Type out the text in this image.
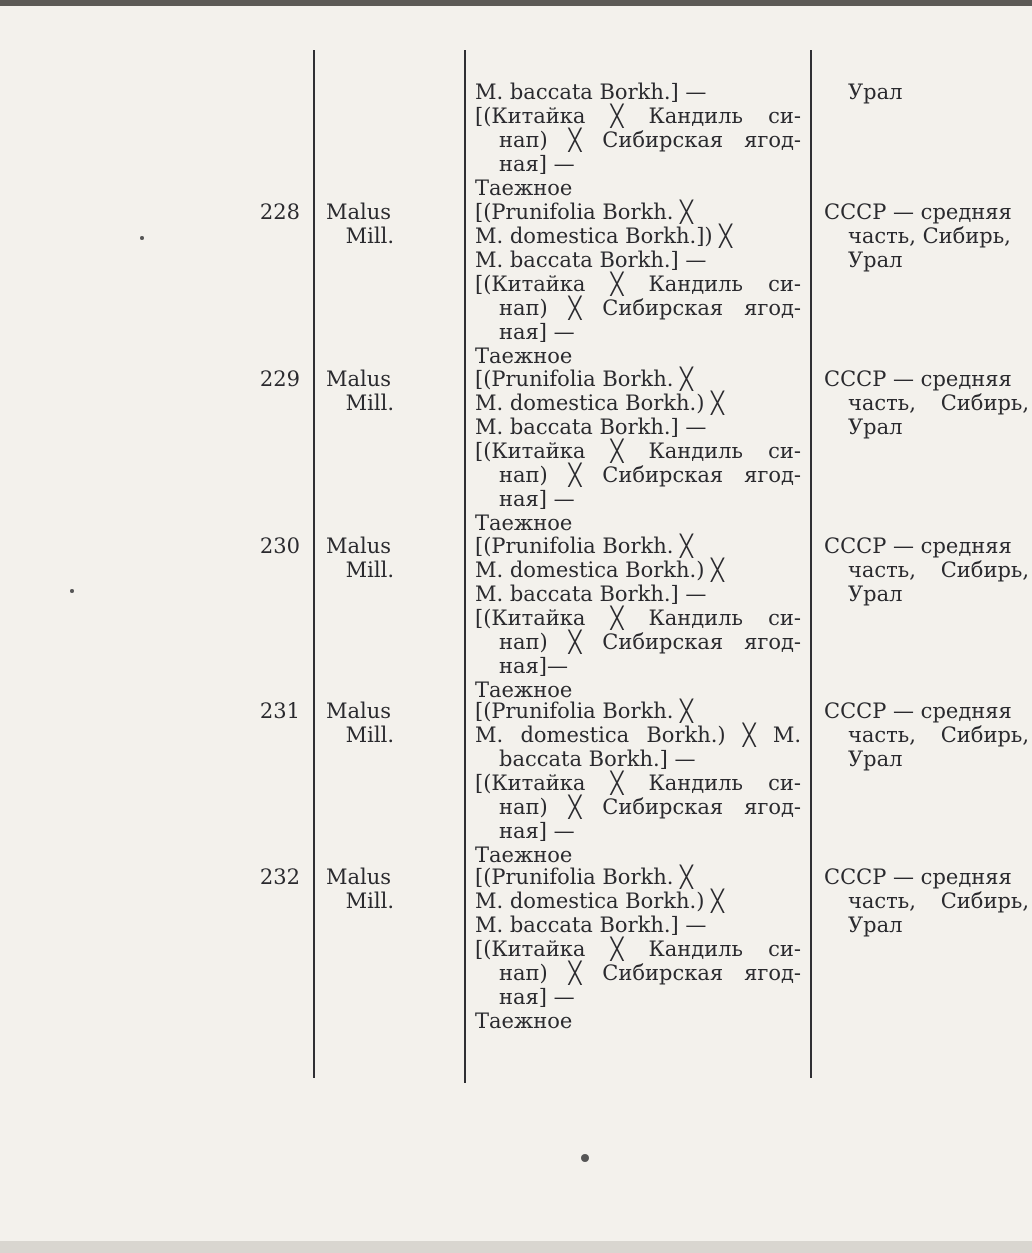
M. baccata Borkh.] —
[(Китайка ╳ Кандиль си-
нап) ╳ Сибирская ягод-
ная] —
Таежное
Урал
228 Malus
Mill.
[(Prunifolia Borkh. ╳
M. domestica Borkh.]) ╳
M. baccata Borkh.] —
[(Китайка ╳ Кандиль си-
нап) ╳ Сибирская ягод-
ная] —
Таежное
СССР — средняя
часть, Сибирь,
Урал
229 Malus
Mill.
[(Prunifolia Borkh. ╳
M. domestica Borkh.) ╳
M. baccata Borkh.] —
[(Китайка ╳ Кандиль си-
нап) ╳ Сибирская ягод-
ная] —
Таежное
СССР — средняя
часть, Сибирь,
Урал
230 Malus
Mill.
[(Prunifolia Borkh. ╳
M. domestica Borkh.) ╳
M. baccata Borkh.] —
[(Китайка ╳ Кандиль си-
нап) ╳ Сибирская ягод-
ная]—
Таежное
СССР — средняя
часть, Сибирь,
Урал
231 Malus
Mill.
[(Prunifolia Borkh. ╳
M. domestica Borkh.) ╳ M.
baccata Borkh.] —
[(Китайка ╳ Кандиль си-
нап) ╳ Сибирская ягод-
ная] —
Таежное
СССР — средняя
часть, Сибирь,
Урал
232 Malus
Mill.
[(Prunifolia Borkh. ╳
M. domestica Borkh.) ╳
M. baccata Borkh.] —
[(Китайка ╳ Кандиль си-
нап) ╳ Сибирская ягод-
ная] —
Таежное
СССР — средняя
часть, Сибирь,
Урал
